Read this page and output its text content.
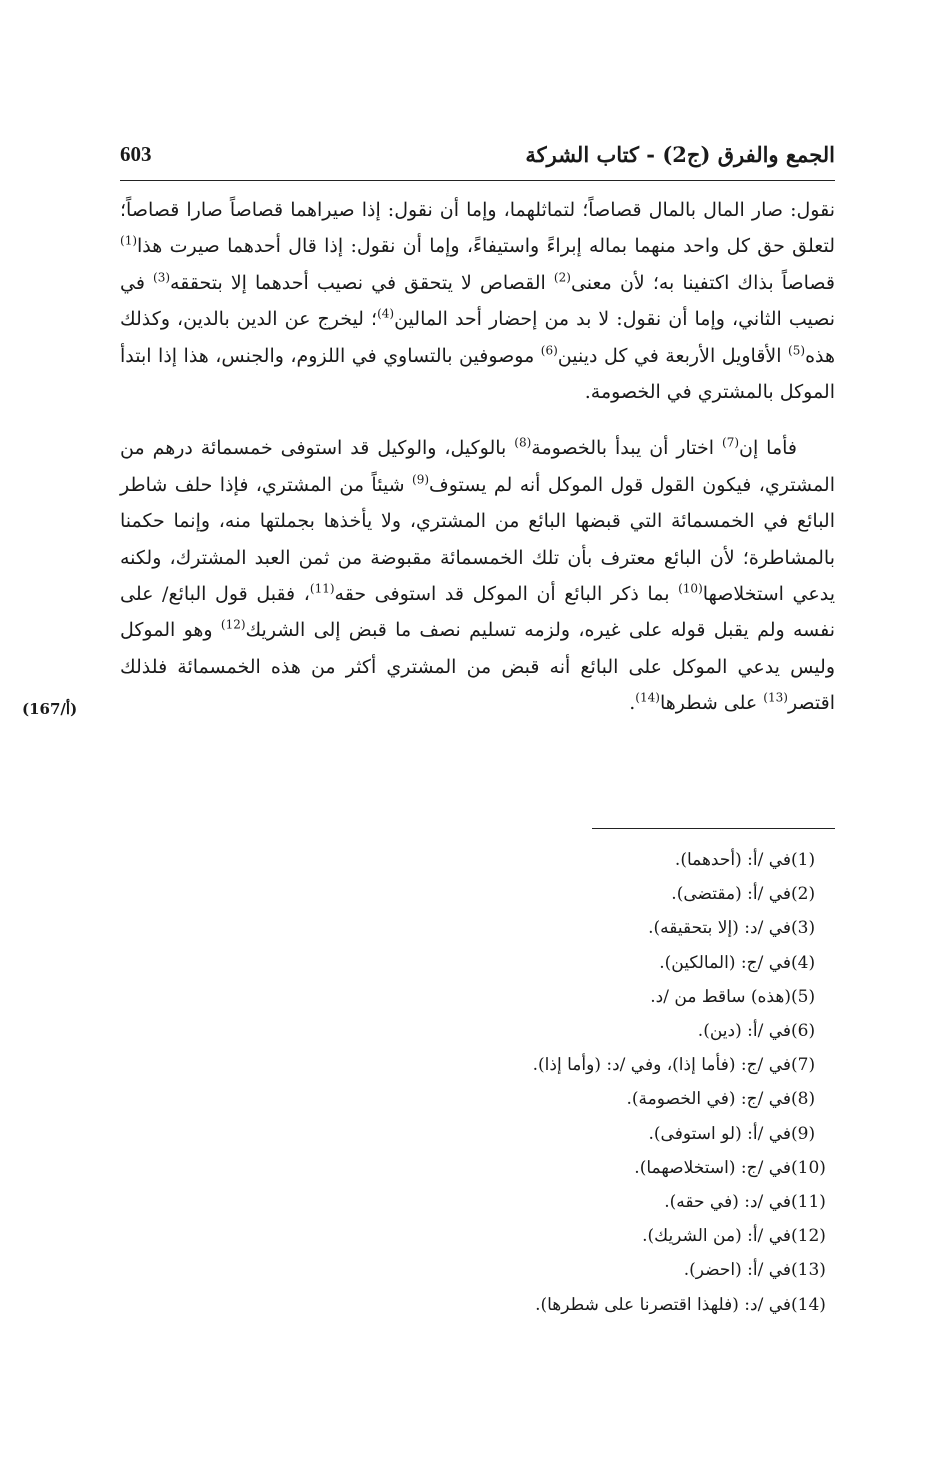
الجمع والفرق (ج2) - كتاب الشركة
603

نقول: صار المال بالمال قصاصاً؛ لتماثلهما، وإما أن نقول: إذا صيراهما قصاصاً صارا قصاصاً؛ لتعلق حق كل واحد منهما بماله إبراءً واستيفاءً، وإما أن نقول: إذا قال أحدهما صيرت هذا$^{(1)}$ قصاصاً بذاك اكتفينا به؛ لأن معنى$^{(2)}$ القصاص لا يتحقق في نصيب أحدهما إلا بتحققه$^{(3)}$ في نصيب الثاني، وإما أن نقول: لا بد من إحضار أحد المالين$^{(4)}$؛ ليخرج عن الدين بالدين، وكذلك هذه$^{(5)}$ الأقاويل الأربعة في كل دينين$^{(6)}$ موصوفين بالتساوي في اللزوم، والجنس، هذا إذا ابتدأ الموكل بالمشتري في الخصومة.

فأما إن$^{(7)}$ اختار أن يبدأ بالخصومة$^{(8)}$ بالوكيل، والوكيل قد استوفى خمسمائة درهم من المشتري، فيكون القول قول الموكل أنه لم يستوف$^{(9)}$ شيئاً من المشتري، فإذا حلف شاطر البائع في الخمسمائة التي قبضها البائع من المشتري، ولا يأخذها بجملتها منه، وإنما حكمنا بالمشاطرة؛ لأن البائع معترف بأن تلك الخمسمائة مقبوضة من ثمن العبد المشترك، ولكنه يدعي استخلاصها$^{(10)}$ بما ذكر البائع أن الموكل قد استوفى حقه$^{(11)}$، فقبل قول البائع/ على نفسه ولم يقبل قوله على غيره، ولزمه تسليم نصف ما قبض إلى الشريك$^{(12)}$ وهو الموكل وليس يدعي الموكل على البائع أنه قبض من المشتري أكثر من هذه الخمسمائة فلذلك اقتصر$^{(13)}$ على شطرها$^{(14)}$.

(167/أ)
(1)في /أ: (أحدهما).
(2)في /أ: (مقتضى).
(3)في /د: (إلا بتحقيقه).
(4)في /ج: (المالكين).
(5)(هذه) ساقط من /د.
(6)في /أ: (دين).
(7)في /ج: (فأما إذا)، وفي /د: (وأما إذا).
(8)في /ج: (في الخصومة).
(9)في /أ: (لو استوفى).
(10)في /ج: (استخلاصهما).
(11)في /د: (في حقه).
(12)في /أ: (من الشريك).
(13)في /أ: (احضر).
(14)في /د: (فلهذا اقتصرنا على شطرها).
